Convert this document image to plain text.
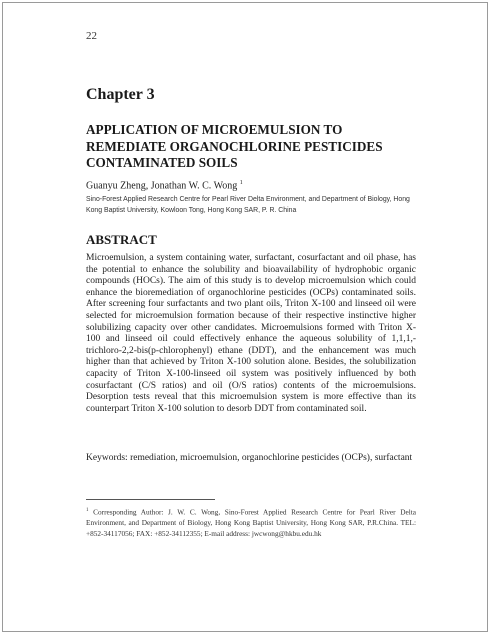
22
Chapter 3
APPLICATION OF MICROEMULSION TO REMEDIATE ORGANOCHLORINE PESTICIDES CONTAMINATED SOILS
Guanyu Zheng, Jonathan W. C. Wong $^1$
Sino-Forest Applied Research Centre for Pearl River Delta Environment, and Department of Biology, Hong Kong Baptist University, Kowloon Tong, Hong Kong SAR, P. R. China
ABSTRACT
Microemulsion, a system containing water, surfactant, cosurfactant and oil phase, has the potential to enhance the solubility and bioavailability of hydrophobic organic compounds (HOCs). The aim of this study is to develop microemulsion which could enhance the bioremediation of organochlorine pesticides (OCPs) contaminated soils. After screening four surfactants and two plant oils, Triton X-100 and linseed oil were selected for microemulsion formation because of their respective instinctive higher solubilizing capacity over other candidates. Microemulsions formed with Triton X-100 and linseed oil could effectively enhance the aqueous solubility of 1,1,1,-trichloro-2,2-bis(p-chlorophenyl) ethane (DDT), and the enhancement was much higher than that achieved by Triton X-100 solution alone. Besides, the solubilization capacity of Triton X-100-linseed oil system was positively influenced by both cosurfactant (C/S ratios) and oil (O/S ratios) contents of the microemulsions. Desorption tests reveal that this microemulsion system is more effective than its counterpart Triton X-100 solution to desorb DDT from contaminated soil.
Keywords: remediation, microemulsion, organochlorine pesticides (OCPs), surfactant
$^1$ Corresponding Author: J. W. C. Wong, Sino-Forest Applied Research Centre for Pearl River Delta Environment, and Department of Biology, Hong Kong Baptist University, Hong Kong SAR, P.R.China. TEL: +852-34117056; FAX: +852-34112355; E-mail address: jwcwong@hkbu.edu.hk
